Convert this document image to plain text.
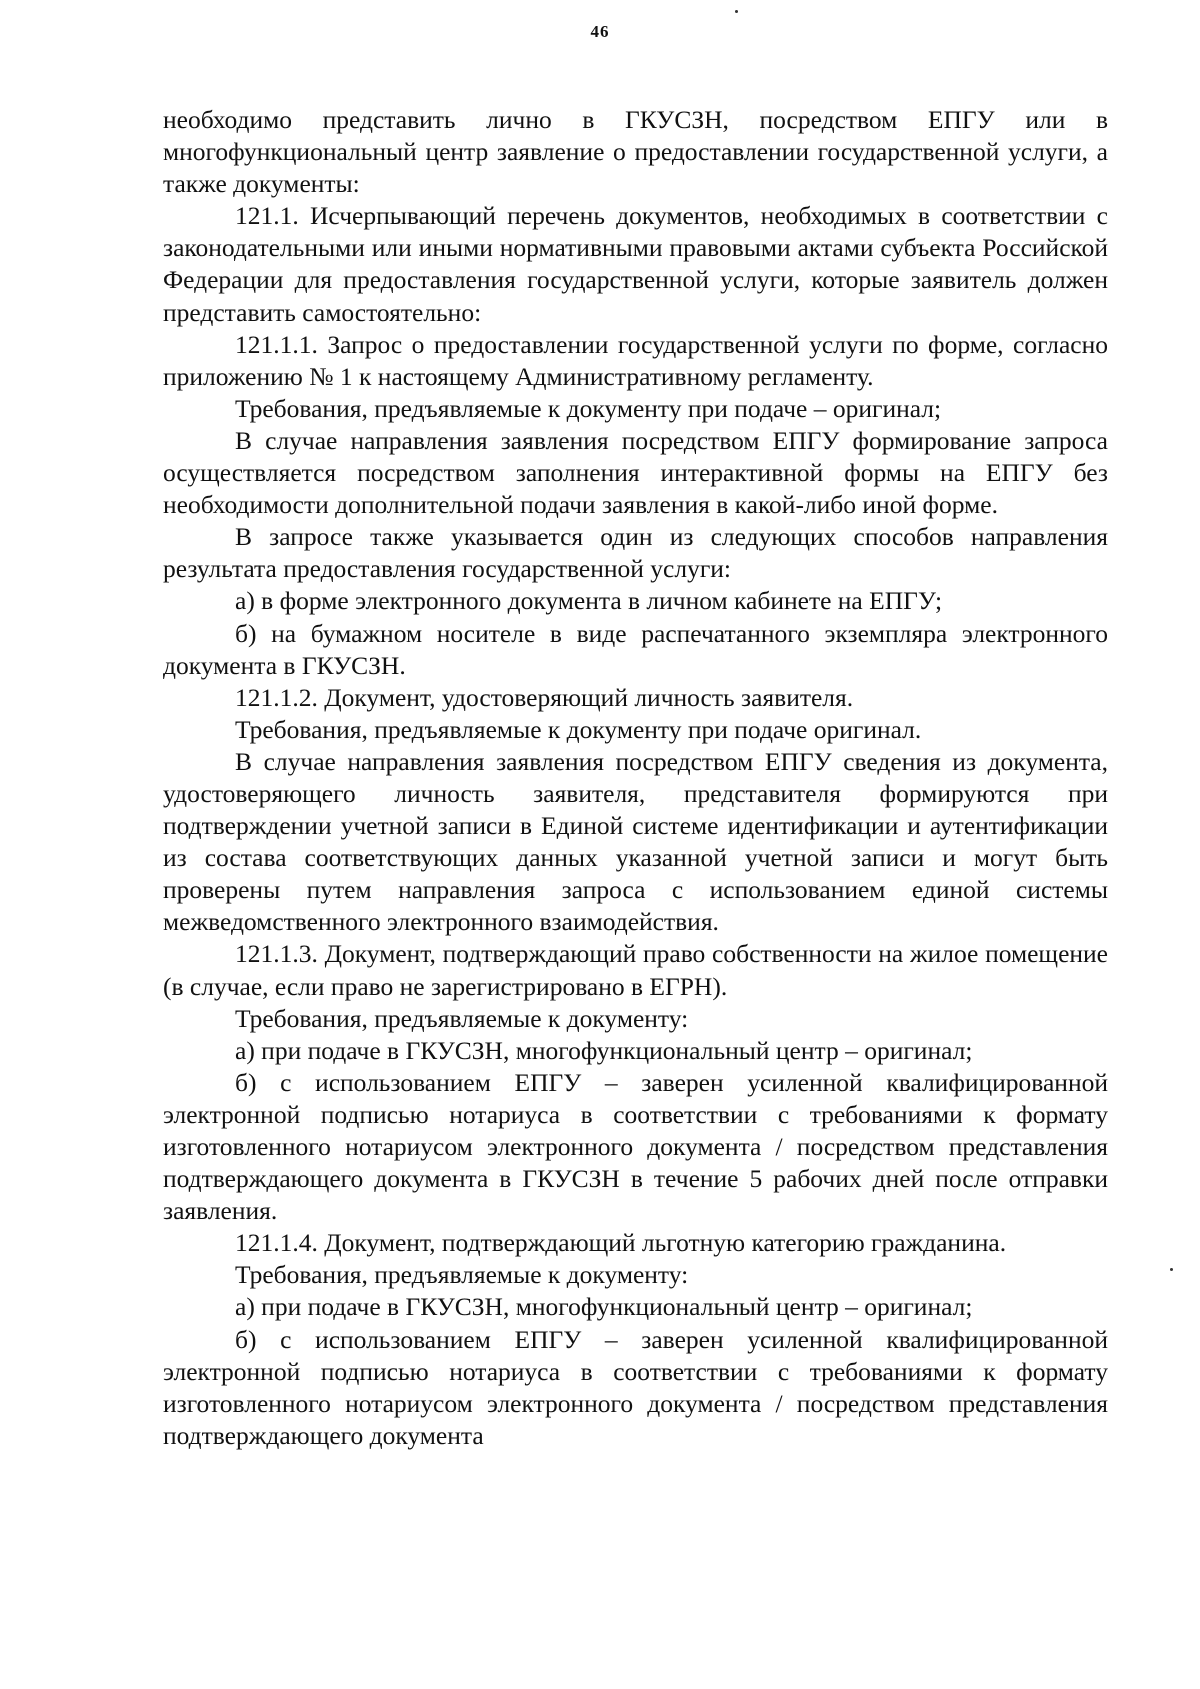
46

необходимо представить лично в ГКУСЗН, посредством ЕПГУ или в многофункциональный центр заявление о предоставлении государственной услуги, а также документы:

121.1. Исчерпывающий перечень документов, необходимых в соответствии с законодательными или иными нормативными правовыми актами субъекта Российской Федерации для предоставления государственной услуги, которые заявитель должен представить самостоятельно:

121.1.1. Запрос о предоставлении государственной услуги по форме, согласно приложению № 1 к настоящему Административному регламенту.

Требования, предъявляемые к документу при подаче – оригинал;

В случае направления заявления посредством ЕПГУ формирование запроса осуществляется посредством заполнения интерактивной формы на ЕПГУ без необходимости дополнительной подачи заявления в какой-либо иной форме.

В запросе также указывается один из следующих способов направления результата предоставления государственной услуги:

а) в форме электронного документа в личном кабинете на ЕПГУ;

б) на бумажном носителе в виде распечатанного экземпляра электронного документа в ГКУСЗН.

121.1.2. Документ, удостоверяющий личность заявителя.

Требования, предъявляемые к документу при подаче оригинал.

В случае направления заявления посредством ЕПГУ сведения из документа, удостоверяющего личность заявителя, представителя формируются при подтверждении учетной записи в Единой системе идентификации и аутентификации из состава соответствующих данных указанной учетной записи и могут быть проверены путем направления запроса с использованием единой системы межведомственного электронного взаимодействия.

121.1.3. Документ, подтверждающий право собственности на жилое помещение (в случае, если право не зарегистрировано в ЕГРН).

Требования, предъявляемые к документу:

а) при подаче в ГКУСЗН, многофункциональный центр – оригинал;

б) с использованием ЕПГУ – заверен усиленной квалифицированной электронной подписью нотариуса в соответствии с требованиями к формату изготовленного нотариусом электронного документа / посредством представления подтверждающего документа в ГКУСЗН в течение 5 рабочих дней после отправки заявления.

121.1.4. Документ, подтверждающий льготную категорию гражданина.

Требования, предъявляемые к документу:

а) при подаче в ГКУСЗН, многофункциональный центр – оригинал;

б) с использованием ЕПГУ – заверен усиленной квалифицированной электронной подписью нотариуса в соответствии с требованиями к формату изготовленного нотариусом электронного документа / посредством представления подтверждающего документа
